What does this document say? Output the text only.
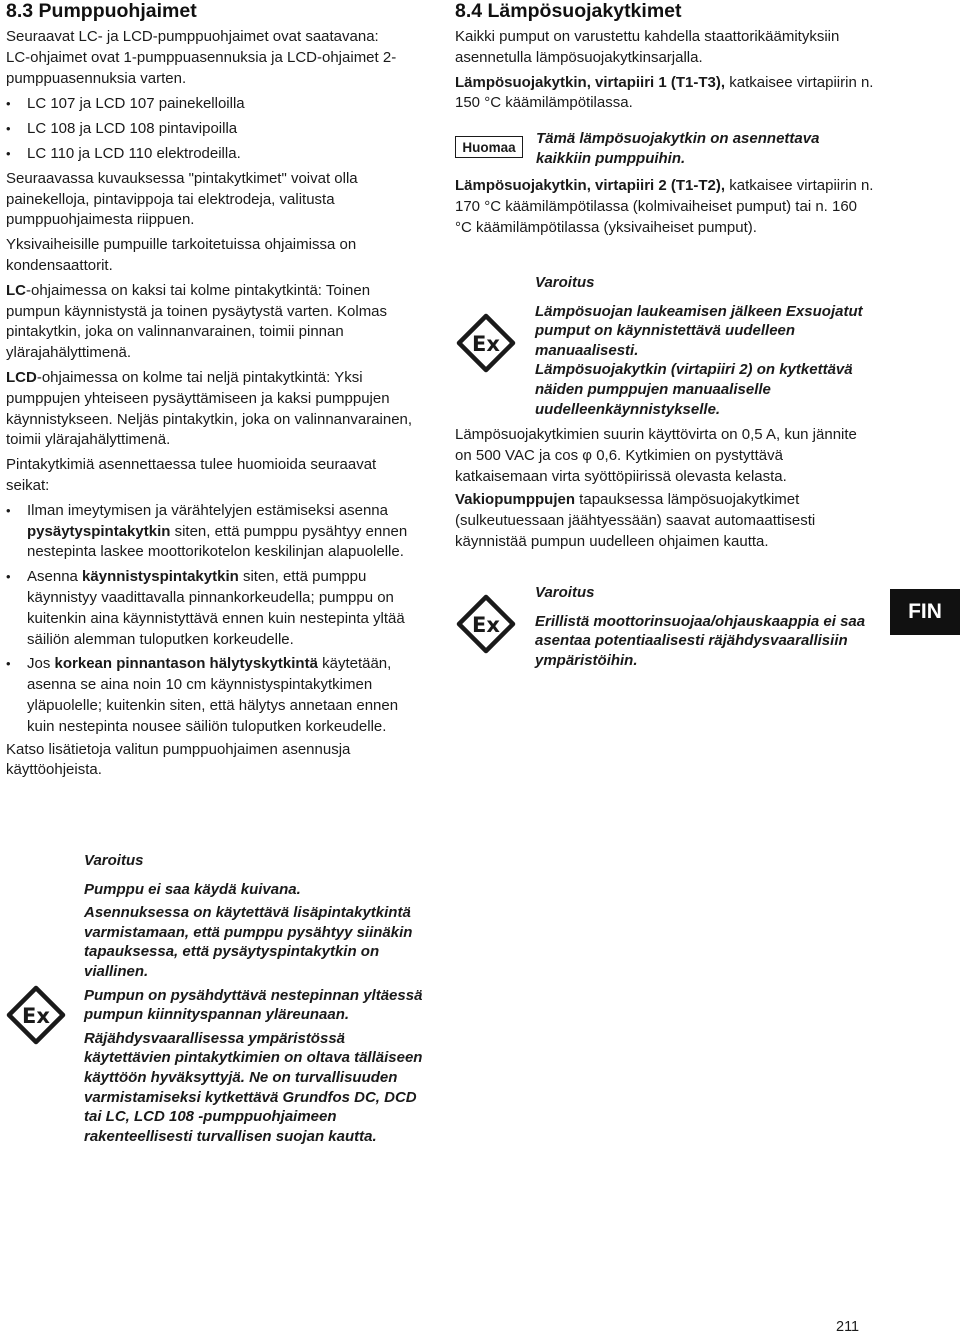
8.3 Pumppuohjaimet

Seuraavat LC- ja LCD-pumppuohjaimet ovat saatavana:

LC-ohjaimet ovat 1-pumppuasennuksia ja LCD-ohjaimet 2-pumppuasennuksia varten.

• LC 107 ja LCD 107 painekelloilla
• LC 108 ja LCD 108 pintavipoilla
• LC 110 ja LCD 110 elektrodeilla.

Seuraavassa kuvauksessa "pintakytkimet" voivat olla painekelloja, pintavippoja tai elektrodeja, valitusta pumppuohjaimesta riippuen.

Yksivaiheisille pumpuille tarkoitetuissa ohjaimissa on kondensaattorit.

LC-ohjaimessa on kaksi tai kolme pintakytkintä: Toinen pumpun käynnistystä ja toinen pysäytystä varten. Kolmas pintakytkin, joka on valinnanvarainen, toimii pinnan ylärajahälyttimenä.

LCD-ohjaimessa on kolme tai neljä pintakytkintä: Yksi pumppujen yhteiseen pysäyttämiseen ja kaksi pumppujen käynnistykseen. Neljäs pintakytkin, joka on valinnanvarainen, toimii ylärajahälyttimenä.

Pintakytkimiä asennettaessa tulee huomioida seuraavat seikat:

• Ilman imeytymisen ja värähtelyjen estämiseksi asenna pysäytyspintakytkin siten, että pumppu pysähtyy ennen nestepinta laskee moottorikotelon keskilinjan alapuolelle.
• Asenna käynnistyspintakytkin siten, että pumppu käynnistyy vaadittavalla pinnankorkeudella; pumppu on kuitenkin aina käynnistyttävä ennen kuin nestepinta yltää säiliön alemman tuloputken korkeudelle.
• Jos korkean pinnantason hälytyskytkintä käytetään, asenna se aina noin 10 cm käynnistyspintakytkimen yläpuolelle; kuitenkin siten, että hälytys annetaan ennen kuin nestepinta nousee säiliön tuloputken korkeudelle.

Katso lisätietoja valitun pumppuohjaimen asennusja käyttöohjeista.

Ex
Varoitus
Pumppu ei saa käydä kuivana.
Asennuksessa on käytettävä lisäpintakytkintä varmistamaan, että pumppu pysähtyy siinäkin tapauksessa, että pysäytyspintakytkin on viallinen.
Pumpun on pysähdyttävä nestepinnan yltäessä pumpun kiinnityspannan yläreunaan.
Räjähdysvaarallisessa ympäristössä käytettävien pintakytkimien on oltava tälläiseen käyttöön hyväksyttyjä. Ne on turvallisuuden varmistamiseksi kytkettävä Grundfos DC, DCD tai LC, LCD 108 -pumppuohjaimeen rakenteellisesti turvallisen suojan kautta.
8.4 Lämpösuojakytkimet

Kaikki pumput on varustettu kahdella staattorikäämityksiin asennetulla lämpösuojakytkinsarjalla.

Lämpösuojakytkin, virtapiiri 1 (T1-T3), katkaisee virtapiirin n. 150 °C käämilämpötilassa.

Huomaa
Tämä lämpösuojakytkin on asennettava kaikkiin pumppuihin.

Lämpösuojakytkin, virtapiiri 2 (T1-T2), katkaisee virtapiirin n. 170 °C käämilämpötilassa (kolmivaiheiset pumput) tai n. 160 °C käämilämpötilassa (yksivaiheiset pumput).

Ex
Varoitus
Lämpösuojan laukeamisen jälkeen Exsuojatut pumput on käynnistettävä uudelleen manuaalisesti.
Lämpösuojakytkin (virtapiiri 2) on kytkettävä näiden pumppujen manuaaliselle uudelleenkäynnistykselle.

Lämpösuojakytkimien suurin käyttövirta on 0,5 A, kun jännite on 500 VAC ja cos φ 0,6. Kytkimien on pystyttävä katkaisemaan virta syöttöpiirissä olevasta kelasta.

Vakiopumppujen tapauksessa lämpösuojakytkimet (sulkeutuessaan jäähtyessään) saavat automaattisesti käynnistää pumpun uudelleen ohjaimen kautta.

Ex
Varoitus
Erillistä moottorinsuojaa/ohjauskaappia ei saa asentaa potentiaalisesti räjähdysvaarallisiin ympäristöihin.
FIN
211
